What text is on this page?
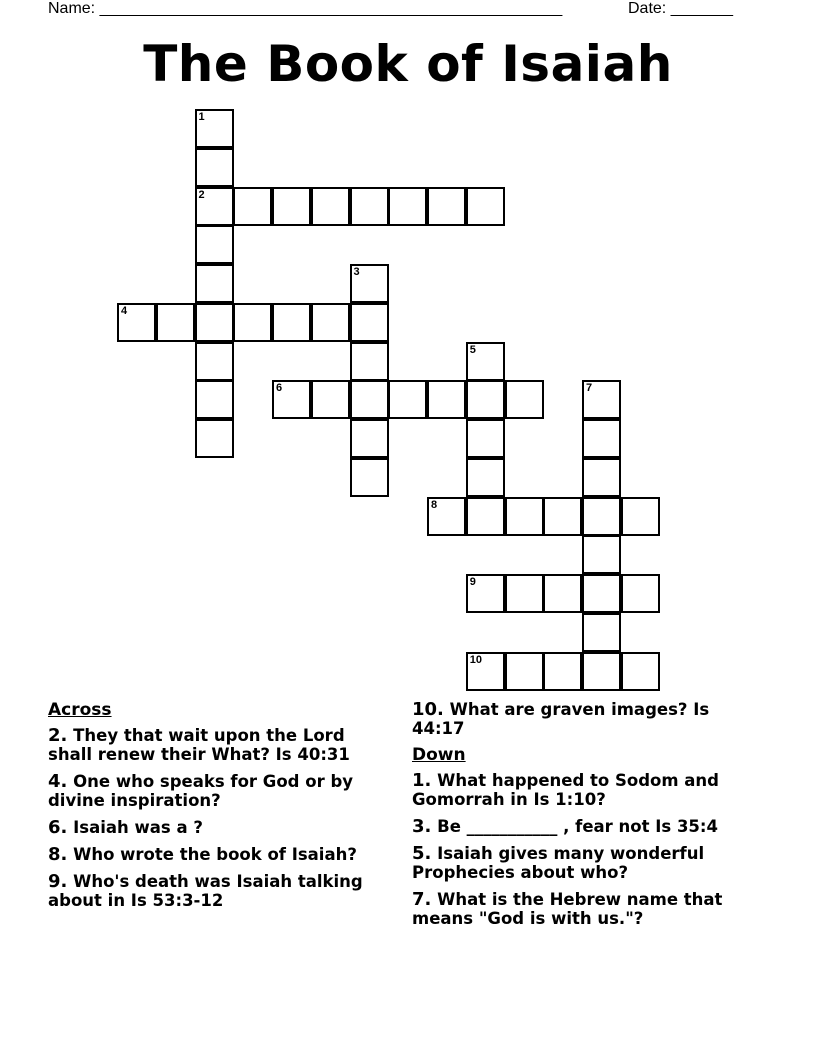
Name: ____________________________________________________	Date: _______
The Book of Isaiah
1
2
3
4
5
6	7
8
9
10
Across
2. They that wait upon the Lord shall renew their What? Is 40:31
4. One who speaks for God or by divine inspiration?
6. Isaiah was a ?
8. Who wrote the book of Isaiah?
9. Who's death was Isaiah talking about in Is 53:3-12
10. What are graven images? Is 44:17
Down
1. What happened to Sodom and Gomorrah in Is 1:10?
3. Be ___________ , fear not Is 35:4
5. Isaiah gives many wonderful Prophecies about who?
7. What is the Hebrew name that means "God is with us."?
